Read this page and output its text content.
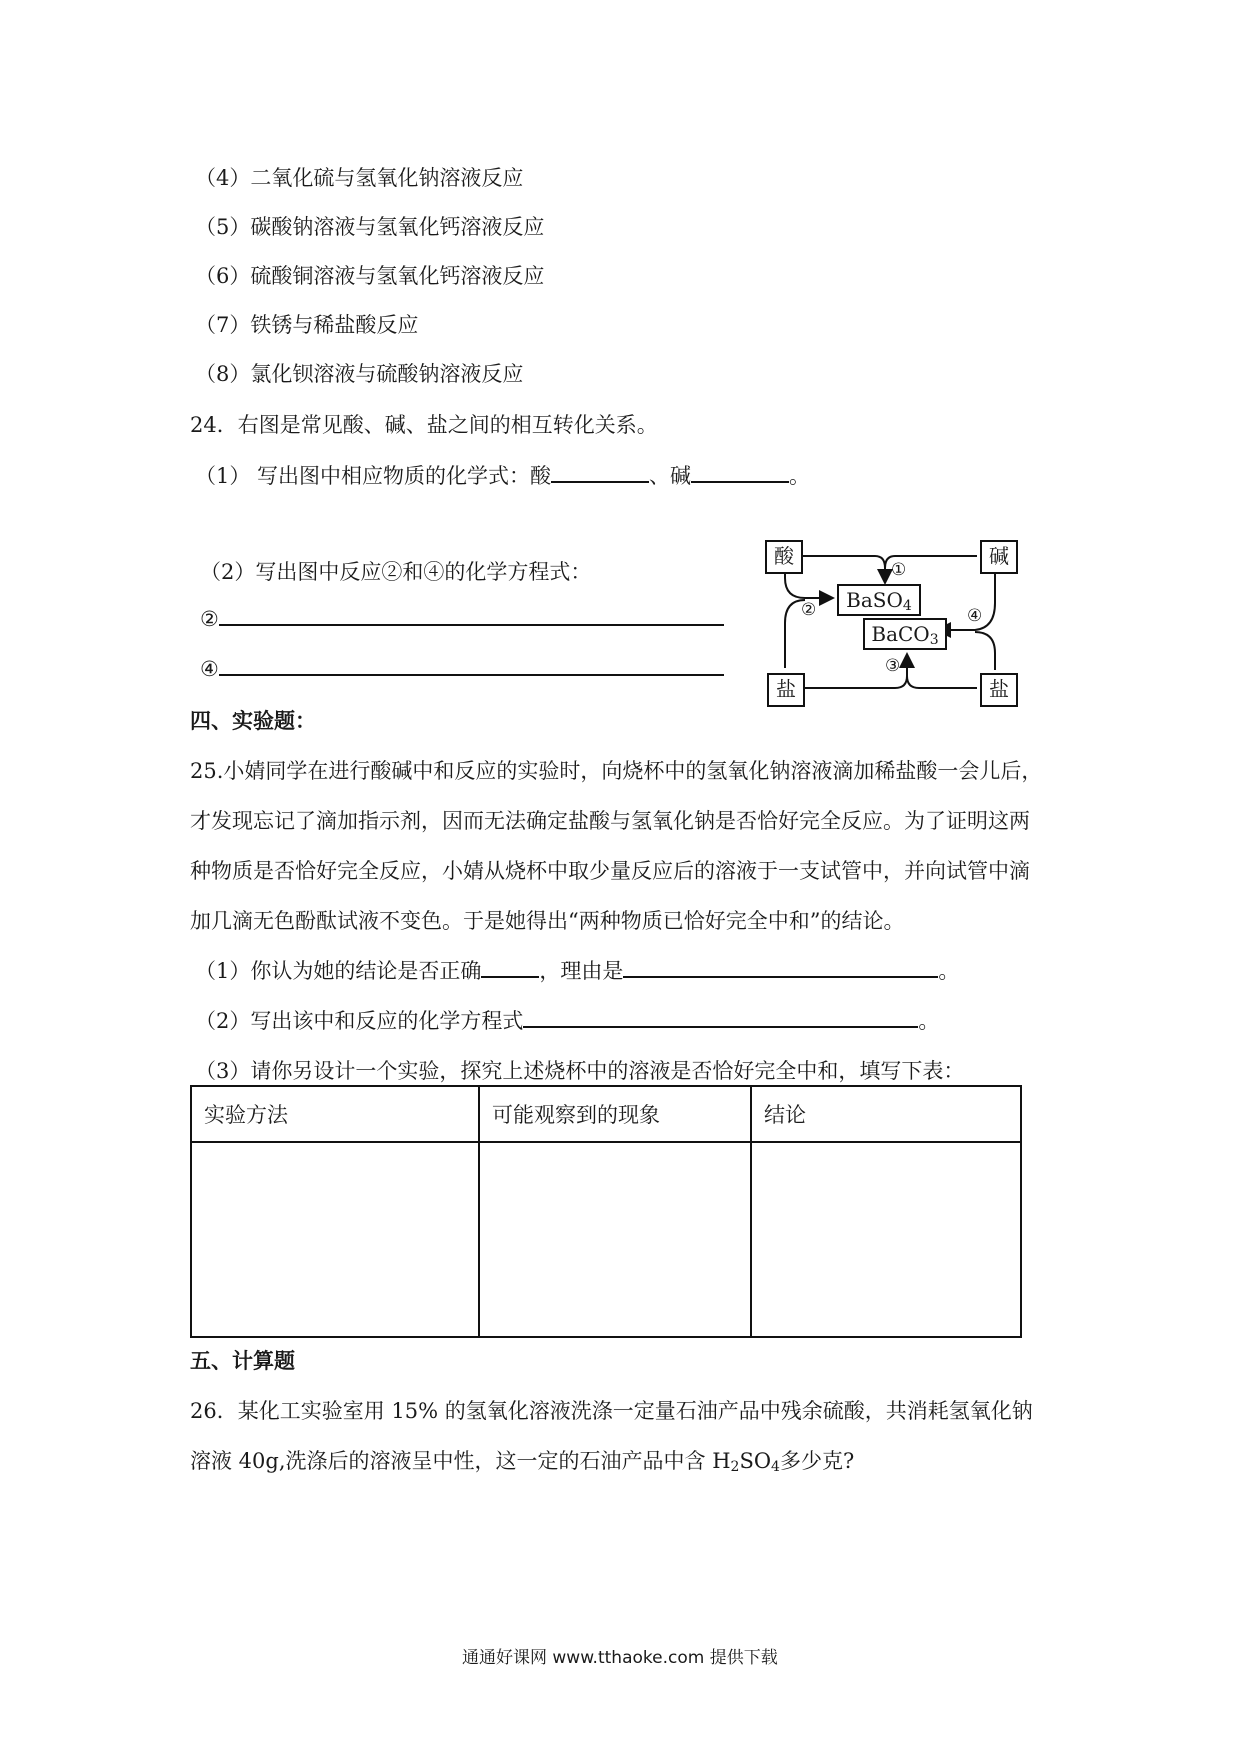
（4）二氧化硫与氢氧化钠溶液反应
（5）碳酸钠溶液与氢氧化钙溶液反应
（6）硫酸铜溶液与氢氧化钙溶液反应
（7）铁锈与稀盐酸反应
（8）氯化钡溶液与硫酸钠溶液反应
24．右图是常见酸、碱、盐之间的相互转化关系。
（1） 写出图中相应物质的化学式：酸	、碱	。
（2）写出图中反应②和④的化学方程式：
②
④
酸	碱
盐	盐
BaSO$_4$
BaCO$_3$
①
②
③
④
四、实验题：
25.小婧同学在进行酸碱中和反应的实验时，向烧杯中的氢氧化钠溶液滴加稀盐酸一会儿后，
才发现忘记了滴加指示剂，因而无法确定盐酸与氢氧化钠是否恰好完全反应。为了证明这两
种物质是否恰好完全反应，小婧从烧杯中取少量反应后的溶液于一支试管中，并向试管中滴
加几滴无色酚酞试液不变色。于是她得出“两种物质已恰好完全中和”的结论。
（1）你认为她的结论是否正确	，理由是	。
（2）写出该中和反应的化学方程式	。
（3）请你另设计一个实验，探究上述烧杯中的溶液是否恰好完全中和，填写下表：
实验方法	可能观察到的现象	结论

五、计算题
26．某化工实验室用 15% 的氢氧化溶液洗涤一定量石油产品中残余硫酸，共消耗氢氧化钠
溶液 40g,洗涤后的溶液呈中性，这一定的石油产品中含 $H_2SO_4$多少克?
通通好课网 www.tthaoke.com 提供下载
